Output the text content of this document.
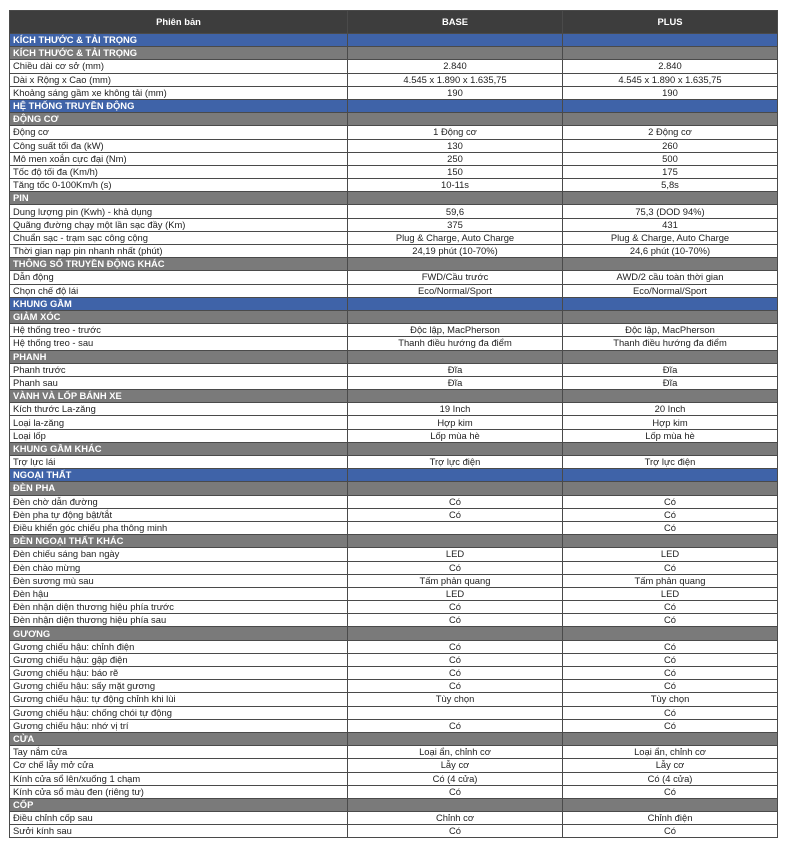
Phiên bản	BASE	PLUS
KÍCH THƯỚC & TẢI TRỌNG		
KÍCH THƯỚC & TẢI TRỌNG		
Chiều dài cơ sở (mm)	2.840	2.840
Dài x Rộng x Cao (mm)	4.545 x 1.890 x 1.635,75	4.545 x 1.890 x 1.635,75
Khoảng sáng gầm xe không tải (mm)	190	190
HỆ THỐNG TRUYỀN ĐỘNG		
ĐỘNG CƠ		
Động cơ	1 Động cơ	2 Động cơ
Công suất tối đa (kW)	130	260
Mô men xoắn cực đại (Nm)	250	500
Tốc độ tối đa (Km/h)	150	175
Tăng tốc 0-100Km/h (s)	10-11s	5,8s
PIN		
Dung lượng pin (Kwh) - khả dụng	59,6	75,3 (DOD 94%)
Quãng đường chạy một lần sạc đầy (Km)	375	431
Chuẩn sạc - trạm sạc công cộng	Plug & Charge, Auto Charge	Plug & Charge, Auto Charge
Thời gian nạp pin nhanh nhất (phút)	24,19 phút (10-70%)	24,6 phút (10-70%)
THÔNG SỐ TRUYỀN ĐỘNG KHÁC		
Dẫn động	FWD/Cầu trước	AWD/2 cầu toàn thời gian
Chọn chế độ lái	Eco/Normal/Sport	Eco/Normal/Sport
KHUNG GẦM		
GIẢM XÓC		
Hệ thống treo - trước	Độc lập, MacPherson	Độc lập, MacPherson
Hệ thống treo - sau	Thanh điều hướng đa điểm	Thanh điều hướng đa điểm
PHANH		
Phanh trước	Đĩa	Đĩa
Phanh sau	Đĩa	Đĩa
VÀNH VÀ LỐP BÁNH XE		
Kích thước La-zăng	19 Inch	20 Inch
Loại la-zăng	Hợp kim	Hợp kim
Loại lốp	Lốp mùa hè	Lốp mùa hè
KHUNG GẦM KHÁC		
Trợ lực lái	Trợ lực điện	Trợ lực điện
NGOẠI THẤT		
ĐÈN PHA		
Đèn chờ dẫn đường	Có	Có
Đèn pha tự động bật/tắt	Có	Có
Điều khiển góc chiếu pha thông minh		Có
ĐÈN NGOẠI THẤT KHÁC		
Đèn chiếu sáng ban ngày	LED	LED
Đèn chào mừng	Có	Có
Đèn sương mù sau	Tấm phản quang	Tấm phản quang
Đèn hậu	LED	LED
Đèn nhận diện thương hiệu phía trước	Có	Có
Đèn nhận diện thương hiệu phía sau	Có	Có
GƯƠNG		
Gương chiếu hậu: chỉnh điện	Có	Có
Gương chiếu hậu: gập điện	Có	Có
Gương chiếu hậu: báo rẽ	Có	Có
Gương chiếu hậu: sấy mặt gương	Có	Có
Gương chiếu hậu: tự động chỉnh khi lùi	Tùy chọn	Tùy chọn
Gương chiếu hậu: chống chói tự động		Có
Gương chiếu hậu: nhớ vị trí	Có	Có
CỬA		
Tay nắm cửa	Loại ẩn, chỉnh cơ	Loại ẩn, chỉnh cơ
Cơ chế lẫy mở cửa	Lẫy cơ	Lẫy cơ
Kính cửa sổ lên/xuống 1 chạm	Có (4 cửa)	Có (4 cửa)
Kính cửa sổ màu đen (riêng tư)	Có	Có
CỐP		
Điều chỉnh cốp sau	Chỉnh cơ	Chỉnh điện
Sưởi kính sau	Có	Có
